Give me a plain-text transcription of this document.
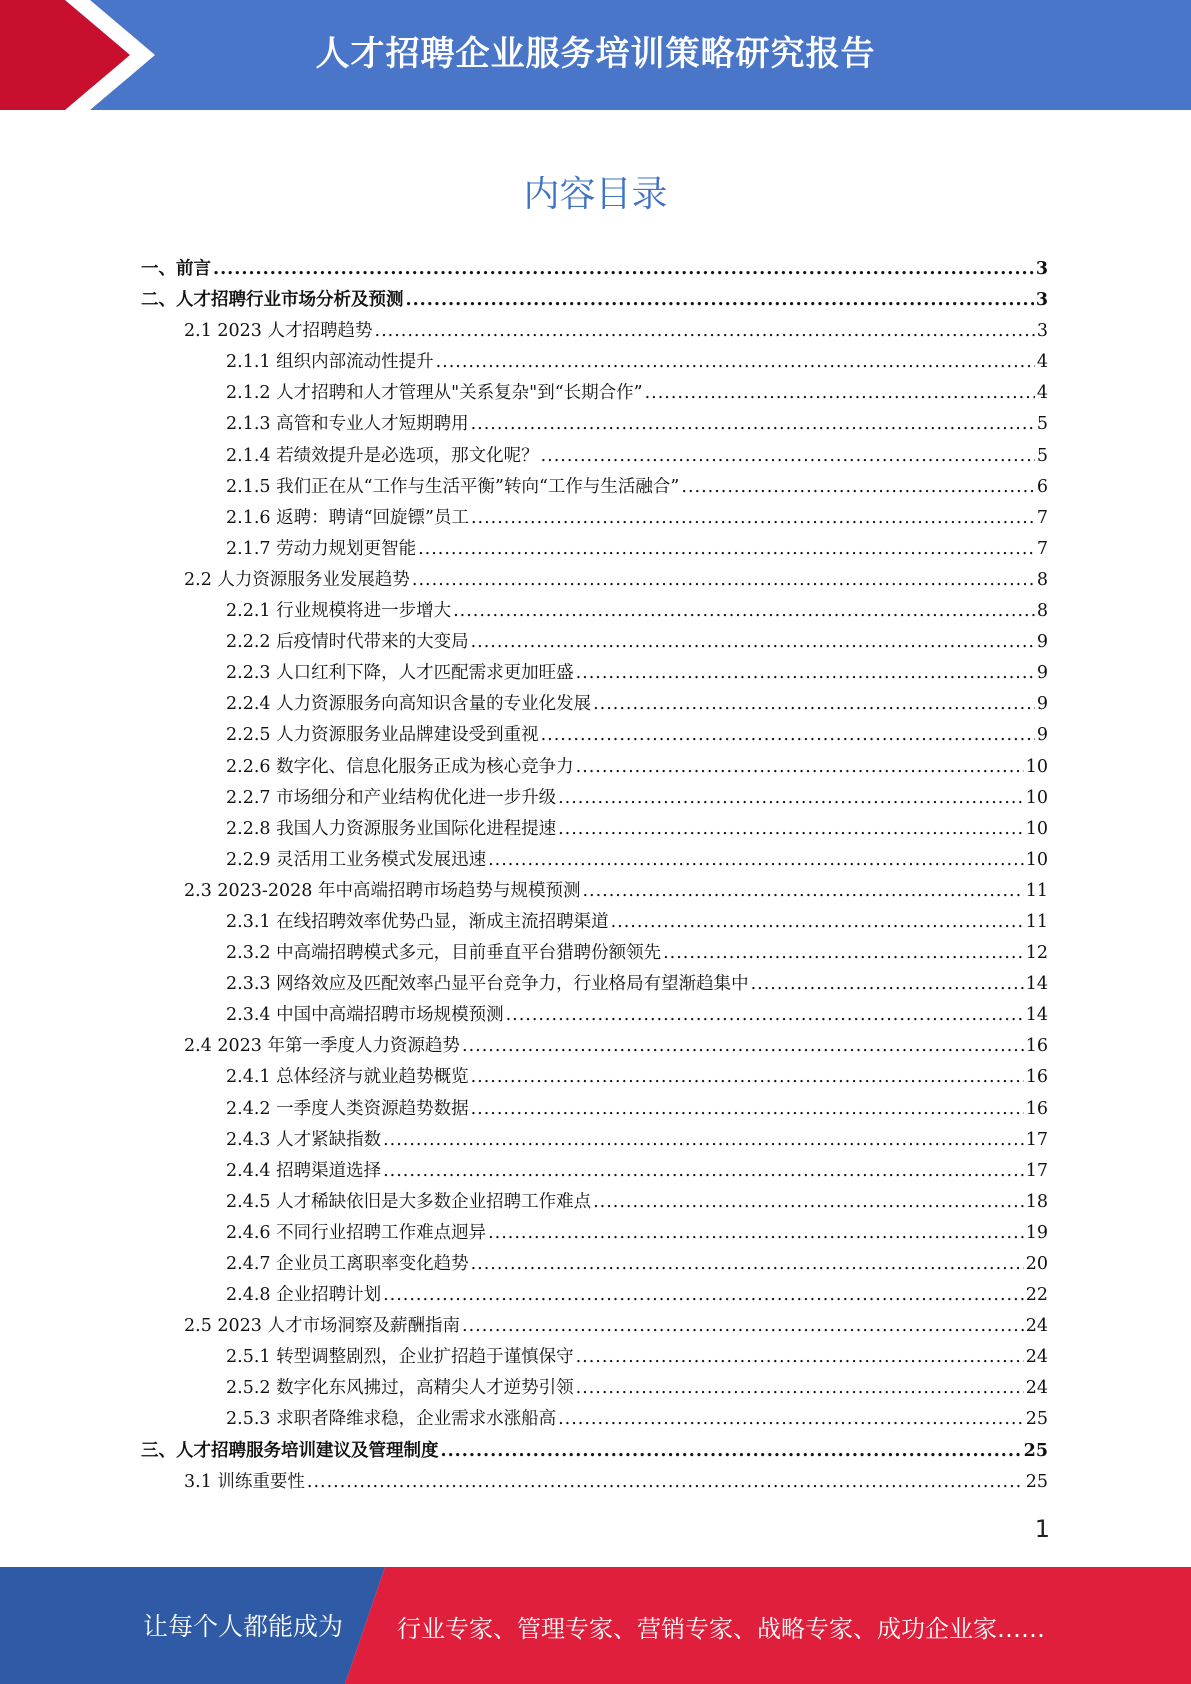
人才招聘企业服务培训策略研究报告
内容目录
一、前言 .....	3
二、人才招聘行业市场分析及预测 .....	3
2.1 2023 人才招聘趋势 .....	3
2.1.1 组织内部流动性提升 .....	4
2.1.2 人才招聘和人才管理从"关系复杂"到“长期合作” .....	4
2.1.3 高管和专业人才短期聘用 .....	5
2.1.4 若绩效提升是必选项，那文化呢？ .....	5
2.1.5 我们正在从“工作与生活平衡”转向“工作与生活融合” .....	6
2.1.6 返聘：聘请“回旋镖”员工 .....	7
2.1.7 劳动力规划更智能 .....	7
2.2 人力资源服务业发展趋势 .....	8
2.2.1 行业规模将进一步增大 .....	8
2.2.2 后疫情时代带来的大变局 .....	9
2.2.3 人口红利下降，人才匹配需求更加旺盛 .....	9
2.2.4 人力资源服务向高知识含量的专业化发展 .....	9
2.2.5 人力资源服务业品牌建设受到重视 .....	9
2.2.6 数字化、信息化服务正成为核心竞争力 .....	10
2.2.7 市场细分和产业结构优化进一步升级 .....	10
2.2.8 我国人力资源服务业国际化进程提速 .....	10
2.2.9 灵活用工业务模式发展迅速 .....	10
2.3 2023-2028 年中高端招聘市场趋势与规模预测 .....	11
2.3.1 在线招聘效率优势凸显，渐成主流招聘渠道 .....	11
2.3.2 中高端招聘模式多元，目前垂直平台猎聘份额领先 .....	12
2.3.3 网络效应及匹配效率凸显平台竞争力，行业格局有望渐趋集中 .....	14
2.3.4 中国中高端招聘市场规模预测 .....	14
2.4 2023 年第一季度人力资源趋势 .....	16
2.4.1 总体经济与就业趋势概览 .....	16
2.4.2 一季度人类资源趋势数据 .....	16
2.4.3 人才紧缺指数 .....	17
2.4.4 招聘渠道选择 .....	17
2.4.5 人才稀缺依旧是大多数企业招聘工作难点 .....	18
2.4.6 不同行业招聘工作难点迥异 .....	19
2.4.7 企业员工离职率变化趋势 .....	20
2.4.8 企业招聘计划 .....	22
2.5 2023 人才市场洞察及薪酬指南 .....	24
2.5.1 转型调整剧烈，企业扩招趋于谨慎保守 .....	24
2.5.2 数字化东风拂过，高精尖人才逆势引领 .....	24
2.5.3 求职者降维求稳，企业需求水涨船高 .....	25
三、人才招聘服务培训建议及管理制度 .....	25
3.1 训练重要性 .....	25
1
让每个人都能成为 行业专家、管理专家、营销专家、战略专家、成功企业家……
